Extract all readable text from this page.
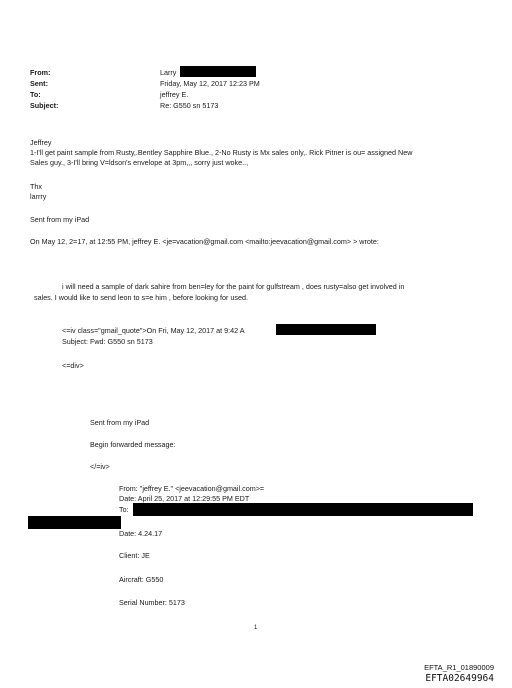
From:
Sent:
To:
Subject:
Larry
Friday, May 12, 2017 12:23 PM
jeffrey E.
Re: G550 sn 5173
Jeffrey
1-I'll get paint sample from Rusty,.Bentley Sapphire Blue., 2-No Rusty is Mx sales only,. Rick Pitner is ou= assigned New
Sales guy., 3-I'll bring V=ldson's envelope at 3pm,,, sorry just woke..,
Thx
larrry
Sent from my iPad
On May 12, 2=17, at 12:55 PM, jeffrey E. <je=vacation@gmail.com <mailto:jeevacation@gmail.com> > wrote:
i will need a sample of dark sahire from ben=ley for the paint for gulfstream , does rusty=also get involved in
sales. I would like to send leon to s=e him , before looking for used.
<=iv class="gmail_quote">On Fri, May 12, 2017 at 9:42 A
Subject: Fwd: G550 sn 5173
<=div>
Sent from my iPad
Begin forwarded message:
</=iv>
From: "jeffrey E." <jeevacation@gmail.com>=
Date: April 25, 2017 at 12:29:55 PM EDT
To:
Date: 4.24.17
Client: JE
Aircraft: G550
Serial Number: 5173
1
EFTA_R1_01890009
EFTA02649964
